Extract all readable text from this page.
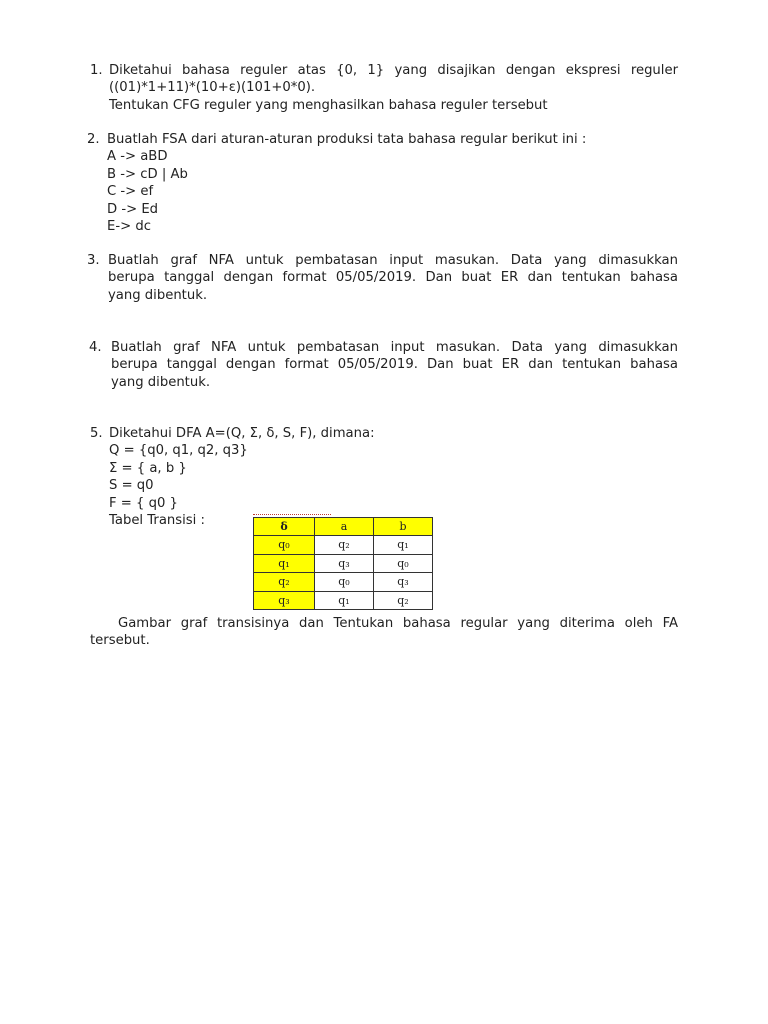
1. Diketahui bahasa reguler atas {0, 1} yang disajikan dengan ekspresi reguler
((01)*1+11)*(10+ε)(101+0*0).
Tentukan CFG reguler yang menghasilkan bahasa reguler tersebut
2. Buatlah FSA dari aturan-aturan produksi tata bahasa regular berikut ini :
A -> aBD
B -> cD | Ab
C -> ef
D -> Ed
E-> dc
3. Buatlah graf NFA untuk pembatasan input masukan. Data yang dimasukkan
berupa tanggal dengan format 05/05/2019. Dan buat ER dan tentukan bahasa
yang dibentuk.
4. Buatlah graf NFA untuk pembatasan input masukan. Data yang dimasukkan
berupa tanggal dengan format 05/05/2019. Dan buat ER dan tentukan bahasa
yang dibentuk.
5. Diketahui DFA A=(Q, Σ, δ, S, F), dimana:
Q = {q0, q1, q2, q3}
Σ = { a, b }
S = q0
F = { q0 }
Tabel Transisi :	δ	a	b
q₀	q₂	q₁
q₁	q₃	q₀
q₂	q₀	q₃
q₃	q₁	q₂
Gambar graf transisinya dan Tentukan bahasa regular yang diterima oleh FA
tersebut.
